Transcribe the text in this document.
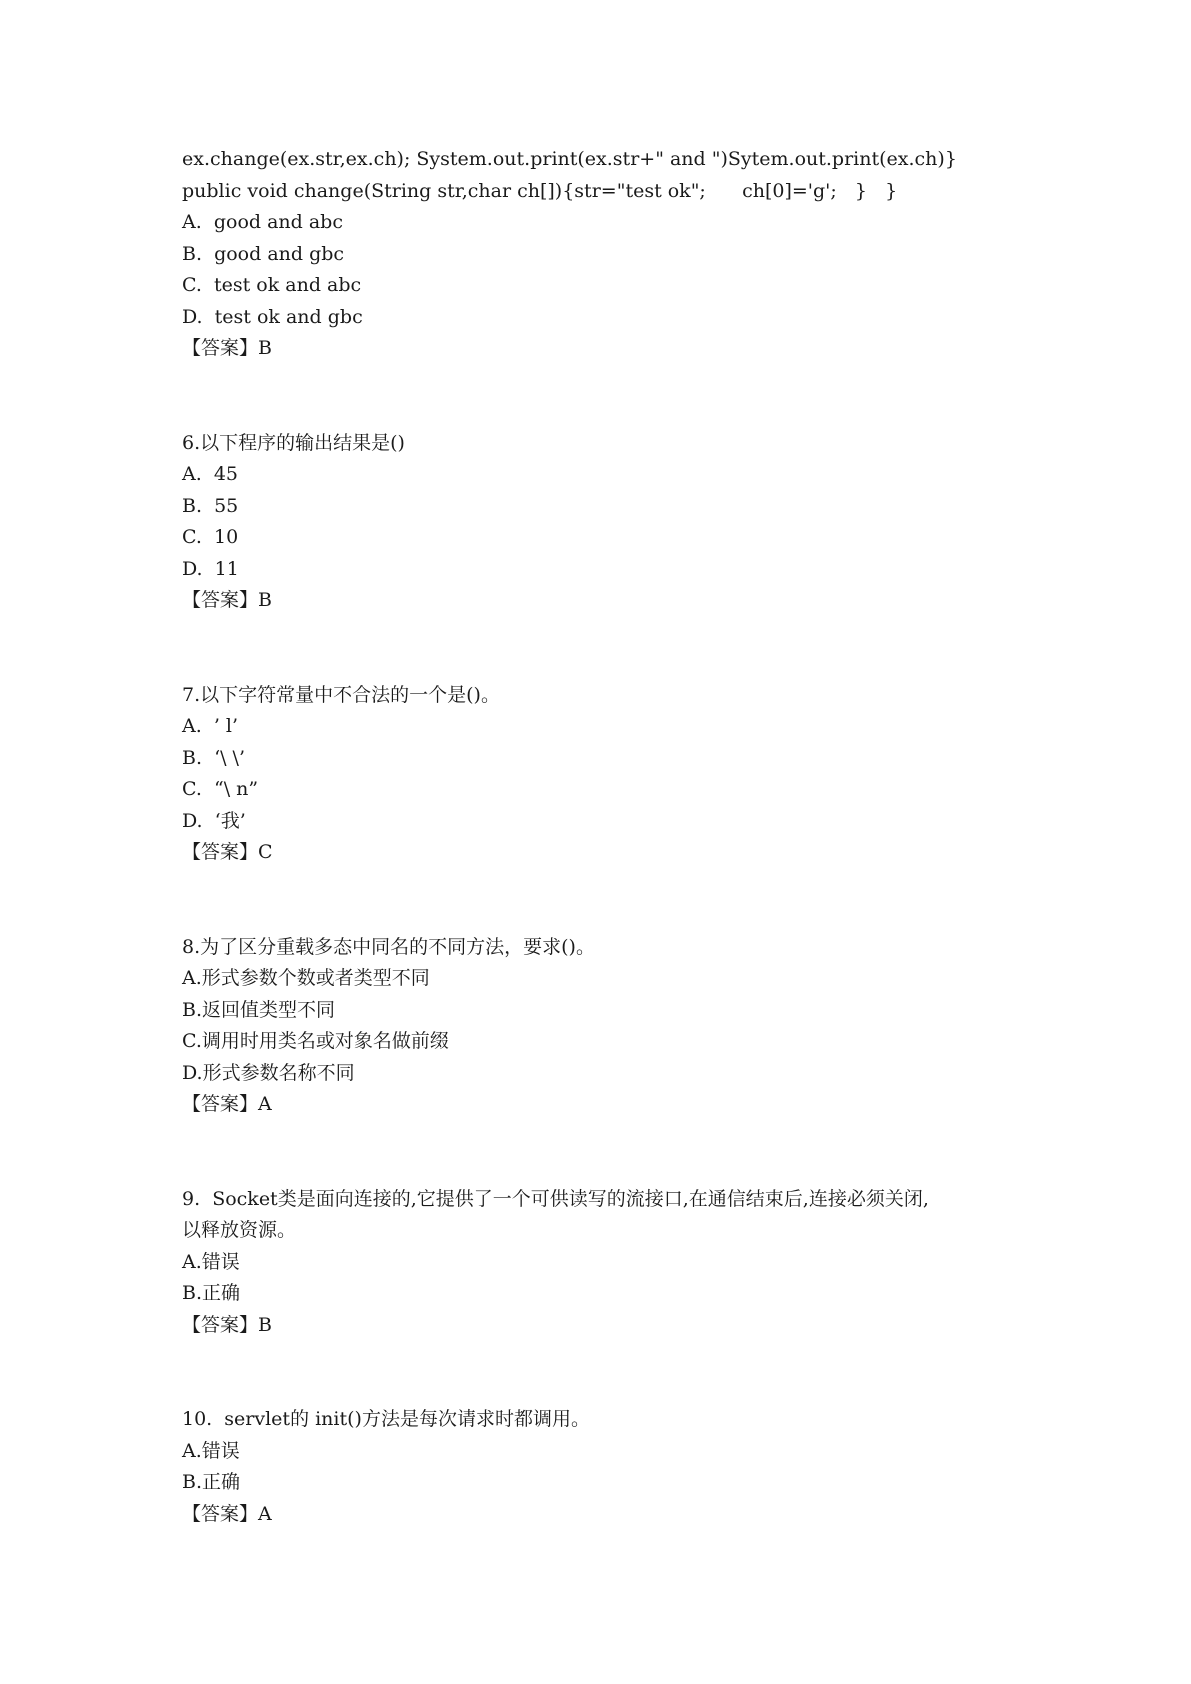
ex.change(ex.str,ex.ch); System.out.print(ex.str+" and ")Sytem.out.print(ex.ch)}
public void change(String str,char ch[]){str="test ok";      ch[0]='g';   }   }
A.  good and abc
B.  good and gbc
C.  test ok and abc
D.  test ok and gbc
【答案】B
6.以下程序的输出结果是()
A.  45
B.  55
C.  10
D.  11
【答案】B
7.以下字符常量中不合法的一个是()。
A.  ’ l’
B.  ‘\ \’
C.  “\ n”
D.  ‘我’
【答案】C
8.为了区分重载多态中同名的不同方法，要求()。
A.形式参数个数或者类型不同
B.返回值类型不同
C.调用时用类名或对象名做前缀
D.形式参数名称不同
【答案】A
9.  Socket类是面向连接的,它提供了一个可供读写的流接口,在通信结束后,连接必须关闭,
以释放资源。
A.错误
B.正确
【答案】B
10.  servlet的 init()方法是每次请求时都调用。
A.错误
B.正确
【答案】A
